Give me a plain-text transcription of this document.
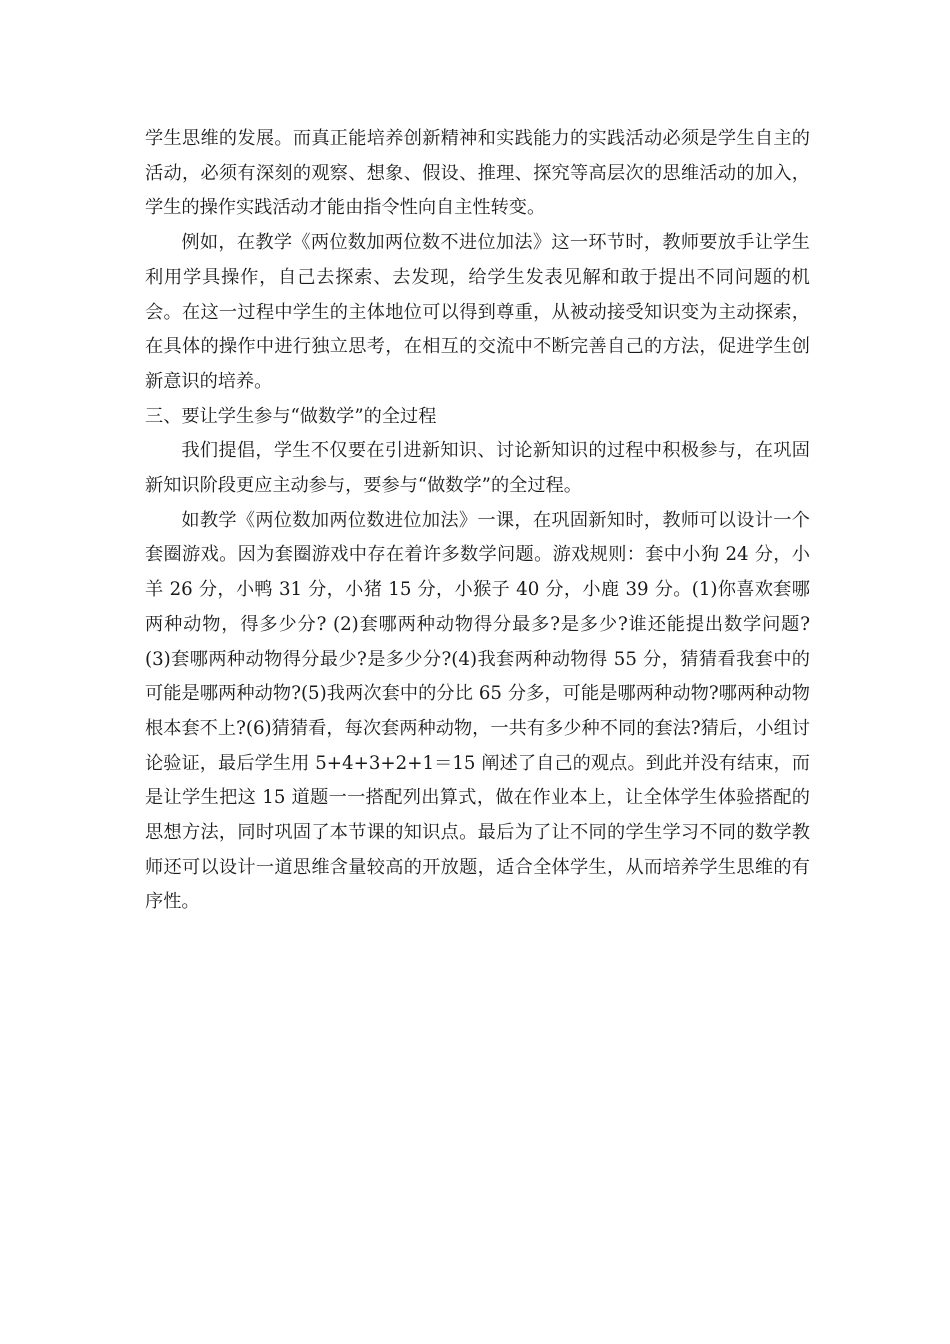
学生思维的发展。而真正能培养创新精神和实践能力的实践活动必须是学生自主的活动，必须有深刻的观察、想象、假设、推理、探究等高层次的思维活动的加入，学生的操作实践活动才能由指令性向自主性转变。

例如，在教学《两位数加两位数不进位加法》这一环节时，教师要放手让学生利用学具操作，自己去探索、去发现，给学生发表见解和敢于提出不同问题的机会。在这一过程中学生的主体地位可以得到尊重，从被动接受知识变为主动探索，在具体的操作中进行独立思考，在相互的交流中不断完善自己的方法，促进学生创新意识的培养。

三、要让学生参与“做数学”的全过程

我们提倡，学生不仅要在引进新知识、讨论新知识的过程中积极参与，在巩固新知识阶段更应主动参与，要参与“做数学”的全过程。

如教学《两位数加两位数进位加法》一课，在巩固新知时，教师可以设计一个套圈游戏。因为套圈游戏中存在着许多数学问题。游戏规则：套中小狗 24 分，小羊 26 分，小鸭 31 分，小猪 15 分，小猴子 40 分，小鹿 39 分。(1)你喜欢套哪两种动物，得多少分? (2)套哪两种动物得分最多?是多少?谁还能提出数学问题? (3)套哪两种动物得分最少?是多少分?(4)我套两种动物得 55 分，猜猜看我套中的可能是哪两种动物?(5)我两次套中的分比 65 分多，可能是哪两种动物?哪两种动物根本套不上?(6)猜猜看，每次套两种动物，一共有多少种不同的套法?猜后，小组讨论验证，最后学生用 5+4+3+2+1＝15 阐述了自己的观点。到此并没有结束，而是让学生把这 15 道题一一搭配列出算式，做在作业本上，让全体学生体验搭配的思想方法，同时巩固了本节课的知识点。最后为了让不同的学生学习不同的数学教师还可以设计一道思维含量较高的开放题，适合全体学生，从而培养学生思维的有序性。
